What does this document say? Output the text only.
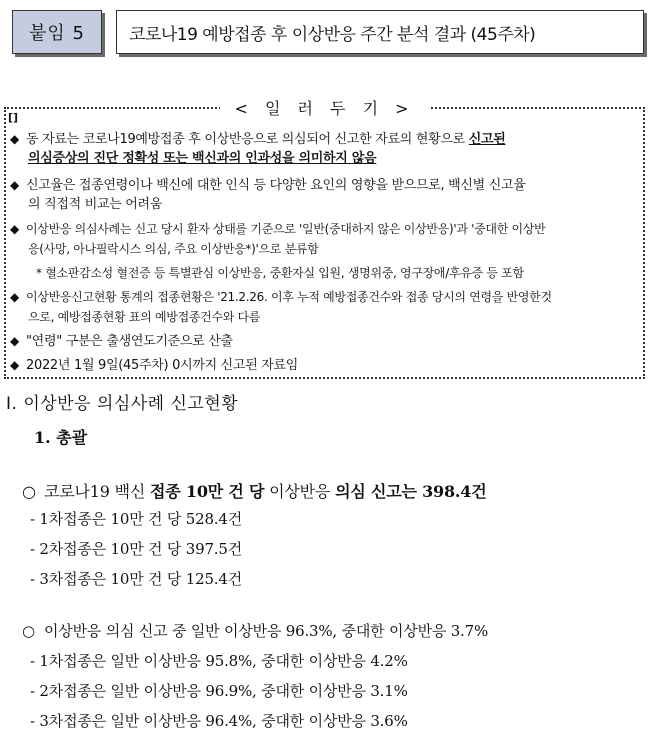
붙임 5	코로나19 예방접종 후 이상반응 주간 분석 결과 (45주차)
< 일 러 두 기 >
[]
◆ 동 자료는 코로나19예방접종 후 이상반응으로 의심되어 신고한 자료의 현황으로 신고된
의심증상의 진단 정확성 또는 백신과의 인과성을 의미하지 않음
◆ 신고율은 접종연령이나 백신에 대한 인식 등 다양한 요인의 영향을 받으므로, 백신별 신고율
의 직접적 비교는 어려움
◆ 이상반응 의심사례는 신고 당시 환자 상태를 기준으로 '일반(중대하지 않은 이상반응)'과 '중대한 이상반
응(사망, 아나필락시스 의심, 주요 이상반응*)'으로 분류함
* 혈소판감소성 혈전증 등 특별관심 이상반응, 중환자실 입원, 생명위중, 영구장애/후유증 등 포함
◆ 이상반응신고현황 통계의 접종현황은 '21.2.26. 이후 누적 예방접종건수와 접종 당시의 연령을 반영한것
으로, 예방접종현황 표의 예방접종건수와 다름
◆ "연령" 구분은 출생연도기준으로 산출
◆ 2022년 1월 9일(45주차) 0시까지 신고된 자료임
Ⅰ. 이상반응 의심사례 신고현황
1. 총괄
○ 코로나19 백신 접종 10만 건 당 이상반응 의심 신고는 398.4건
- 1차접종은 10만 건 당 528.4건
- 2차접종은 10만 건 당 397.5건
- 3차접종은 10만 건 당 125.4건
○ 이상반응 의심 신고 중 일반 이상반응 96.3%, 중대한 이상반응 3.7%
- 1차접종은 일반 이상반응 95.8%, 중대한 이상반응 4.2%
- 2차접종은 일반 이상반응 96.9%, 중대한 이상반응 3.1%
- 3차접종은 일반 이상반응 96.4%, 중대한 이상반응 3.6%
